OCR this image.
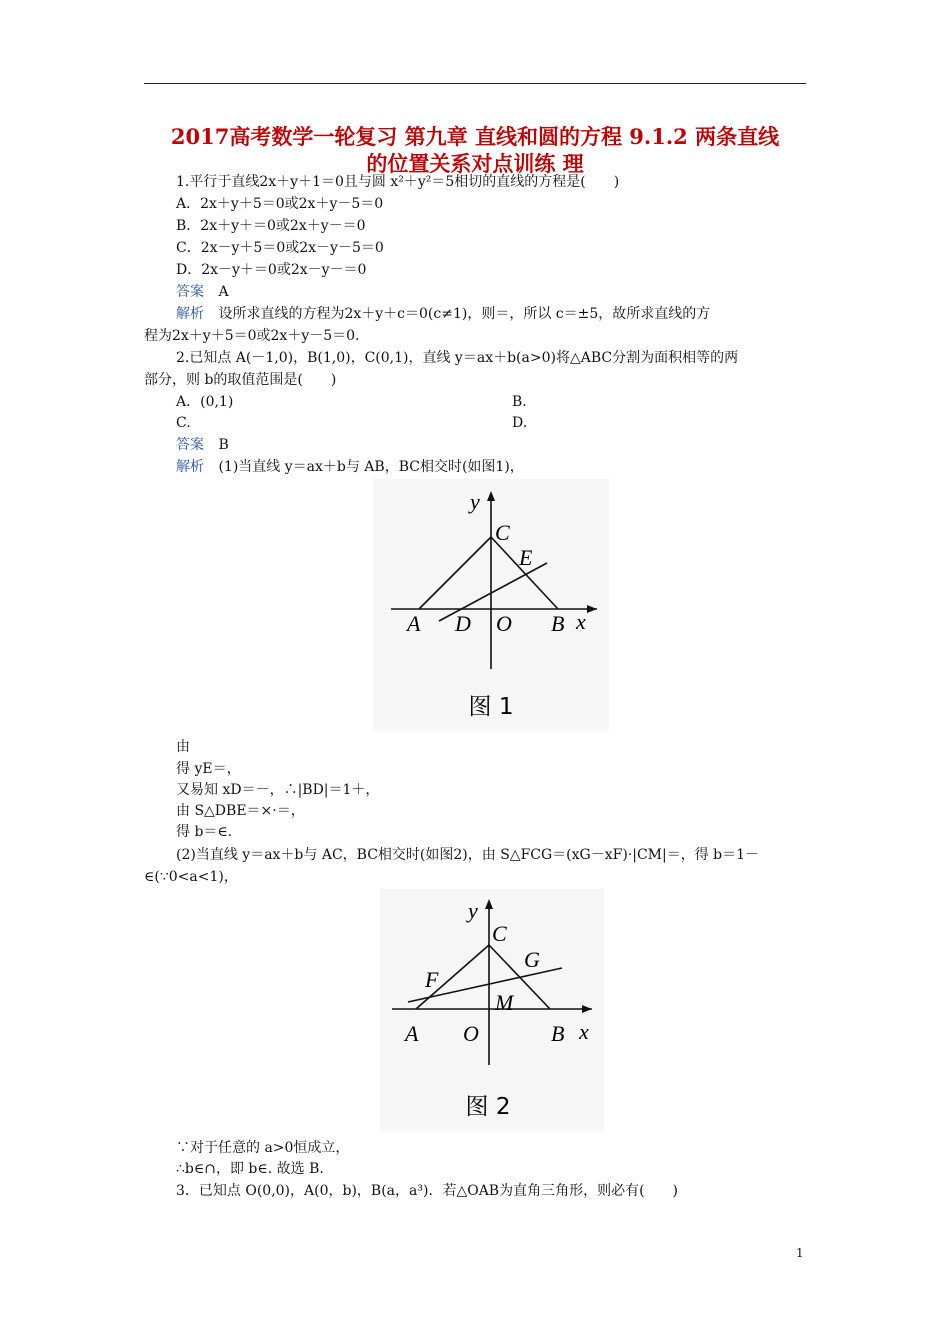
2017高考数学一轮复习 第九章 直线和圆的方程 9.1.2 两条直线
的位置关系对点训练 理
1.平行于直线2x＋y＋1＝0且与圆 x²＋y²＝5相切的直线的方程是(　　)
A．2x＋y＋5＝0或2x＋y－5＝0
B．2x＋y＋＝0或2x＋y－＝0
C．2x－y＋5＝0或2x－y－5＝0
D．2x－y＋＝0或2x－y－＝0
答案 A
解析 设所求直线的方程为2x＋y＋c＝0(c≠1)，则＝，所以 c＝±5，故所求直线的方
程为2x＋y＋5＝0或2x＋y－5＝0.
2.已知点 A(－1,0)，B(1,0)，C(0,1)，直线 y＝ax＋b(a>0)将△ABC分割为面积相等的两
部分，则 b的取值范围是(　　)
A．(0,1)	B.
C.	D.
答案 B
解析 (1)当直线 y＝ax＋b与 AB，BC相交时(如图1)，
y
C
E
A D O B x
图 1
由
得 yE＝，
又易知 xD＝－，∴|BD|＝1＋，
由 S△DBE＝×·＝，
得 b＝∈.
(2)当直线 y＝ax＋b与 AC，BC相交时(如图2)，由 S△FCG＝(xG－xF)·|CM|＝，得 b＝1－
∈(∵0<a<1)，
y
C
G
F
M
A O	B x
图 2
∵对于任意的 a>0恒成立，
∴b∈∩，即 b∈. 故选 B.
3．已知点 O(0,0)，A(0，b)，B(a，a³)．若△OAB为直角三角形，则必有(　　)
1
